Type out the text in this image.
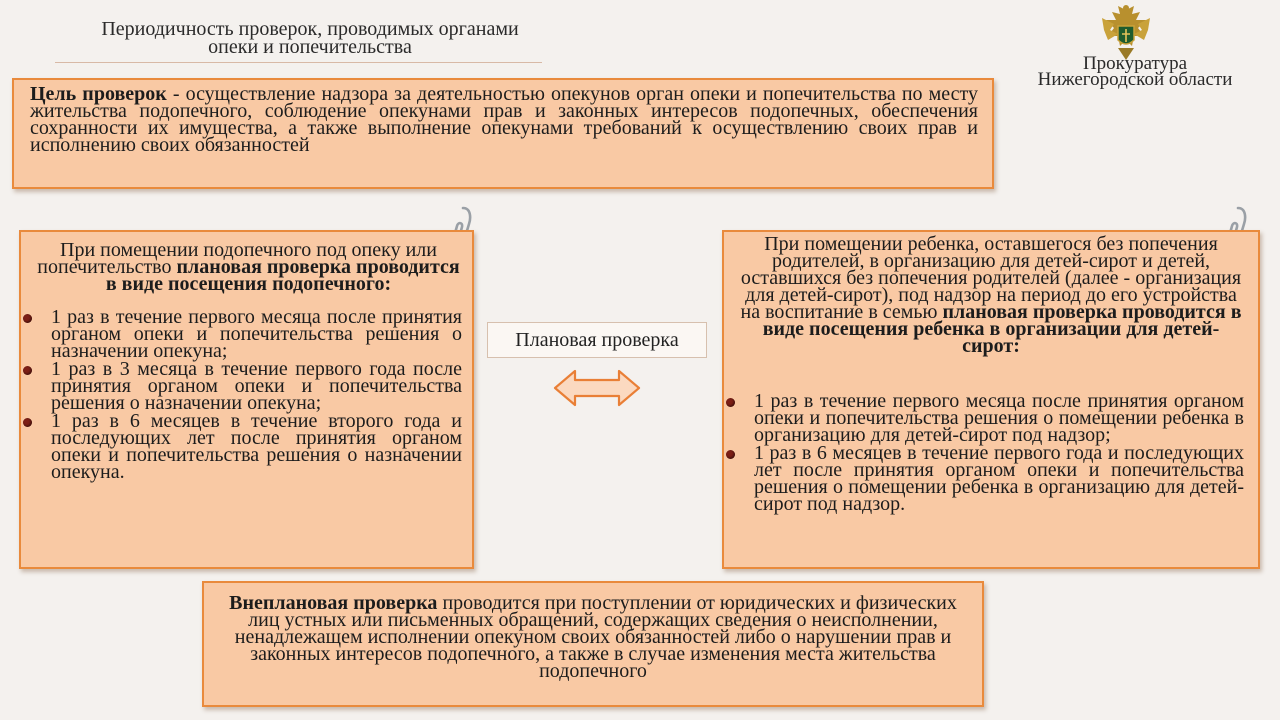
Периодичность проверок, проводимых органами
опеки и попечительства
Прокуратура
Нижегородской области

Цель проверок - осуществление надзора за деятельностью опекунов орган опеки и попечительства по месту жительства подопечного, соблюдение опекунами прав и законных интересов подопечных, обеспечения сохранности их имущества, а также выполнение опекунами требований к осуществлению своих прав и исполнению своих обязанностей

При помещении подопечного под опеку или попечительство плановая проверка проводится в виде посещения подопечного:

1 раз в течение первого месяца после принятия органом опеки и попечительства решения о назначении опекуна;
1 раз в 3 месяца в течение первого года после принятия органом опеки и попечительства решения о назначении опекуна;
1 раз в 6 месяцев в течение второго года и последующих лет после принятия органом опеки и попечительства решения о назначении опекуна.
Плановая проверка

При помещении ребенка, оставшегося без попечения родителей, в организацию для детей-сирот и детей, оставшихся без попечения родителей (далее - организация для детей-сирот), под надзор на период до его устройства на воспитание в семью плановая проверка проводится в виде посещения ребенка в организации для детей-сирот:

1 раз в течение первого месяца после принятия органом опеки и попечительства решения о помещении ребенка в организацию для детей-сирот под надзор;
1 раз в 6 месяцев в течение первого года и последующих лет после принятия органом опеки и попечительства решения о помещении ребенка в организацию для детей-сирот под надзор.

Внеплановая проверка проводится при поступлении от юридических и физических лиц устных или письменных обращений, содержащих сведения о неисполнении, ненадлежащем исполнении опекуном своих обязанностей либо о нарушении прав и законных интересов подопечного, а также в случае изменения места жительства подопечного
